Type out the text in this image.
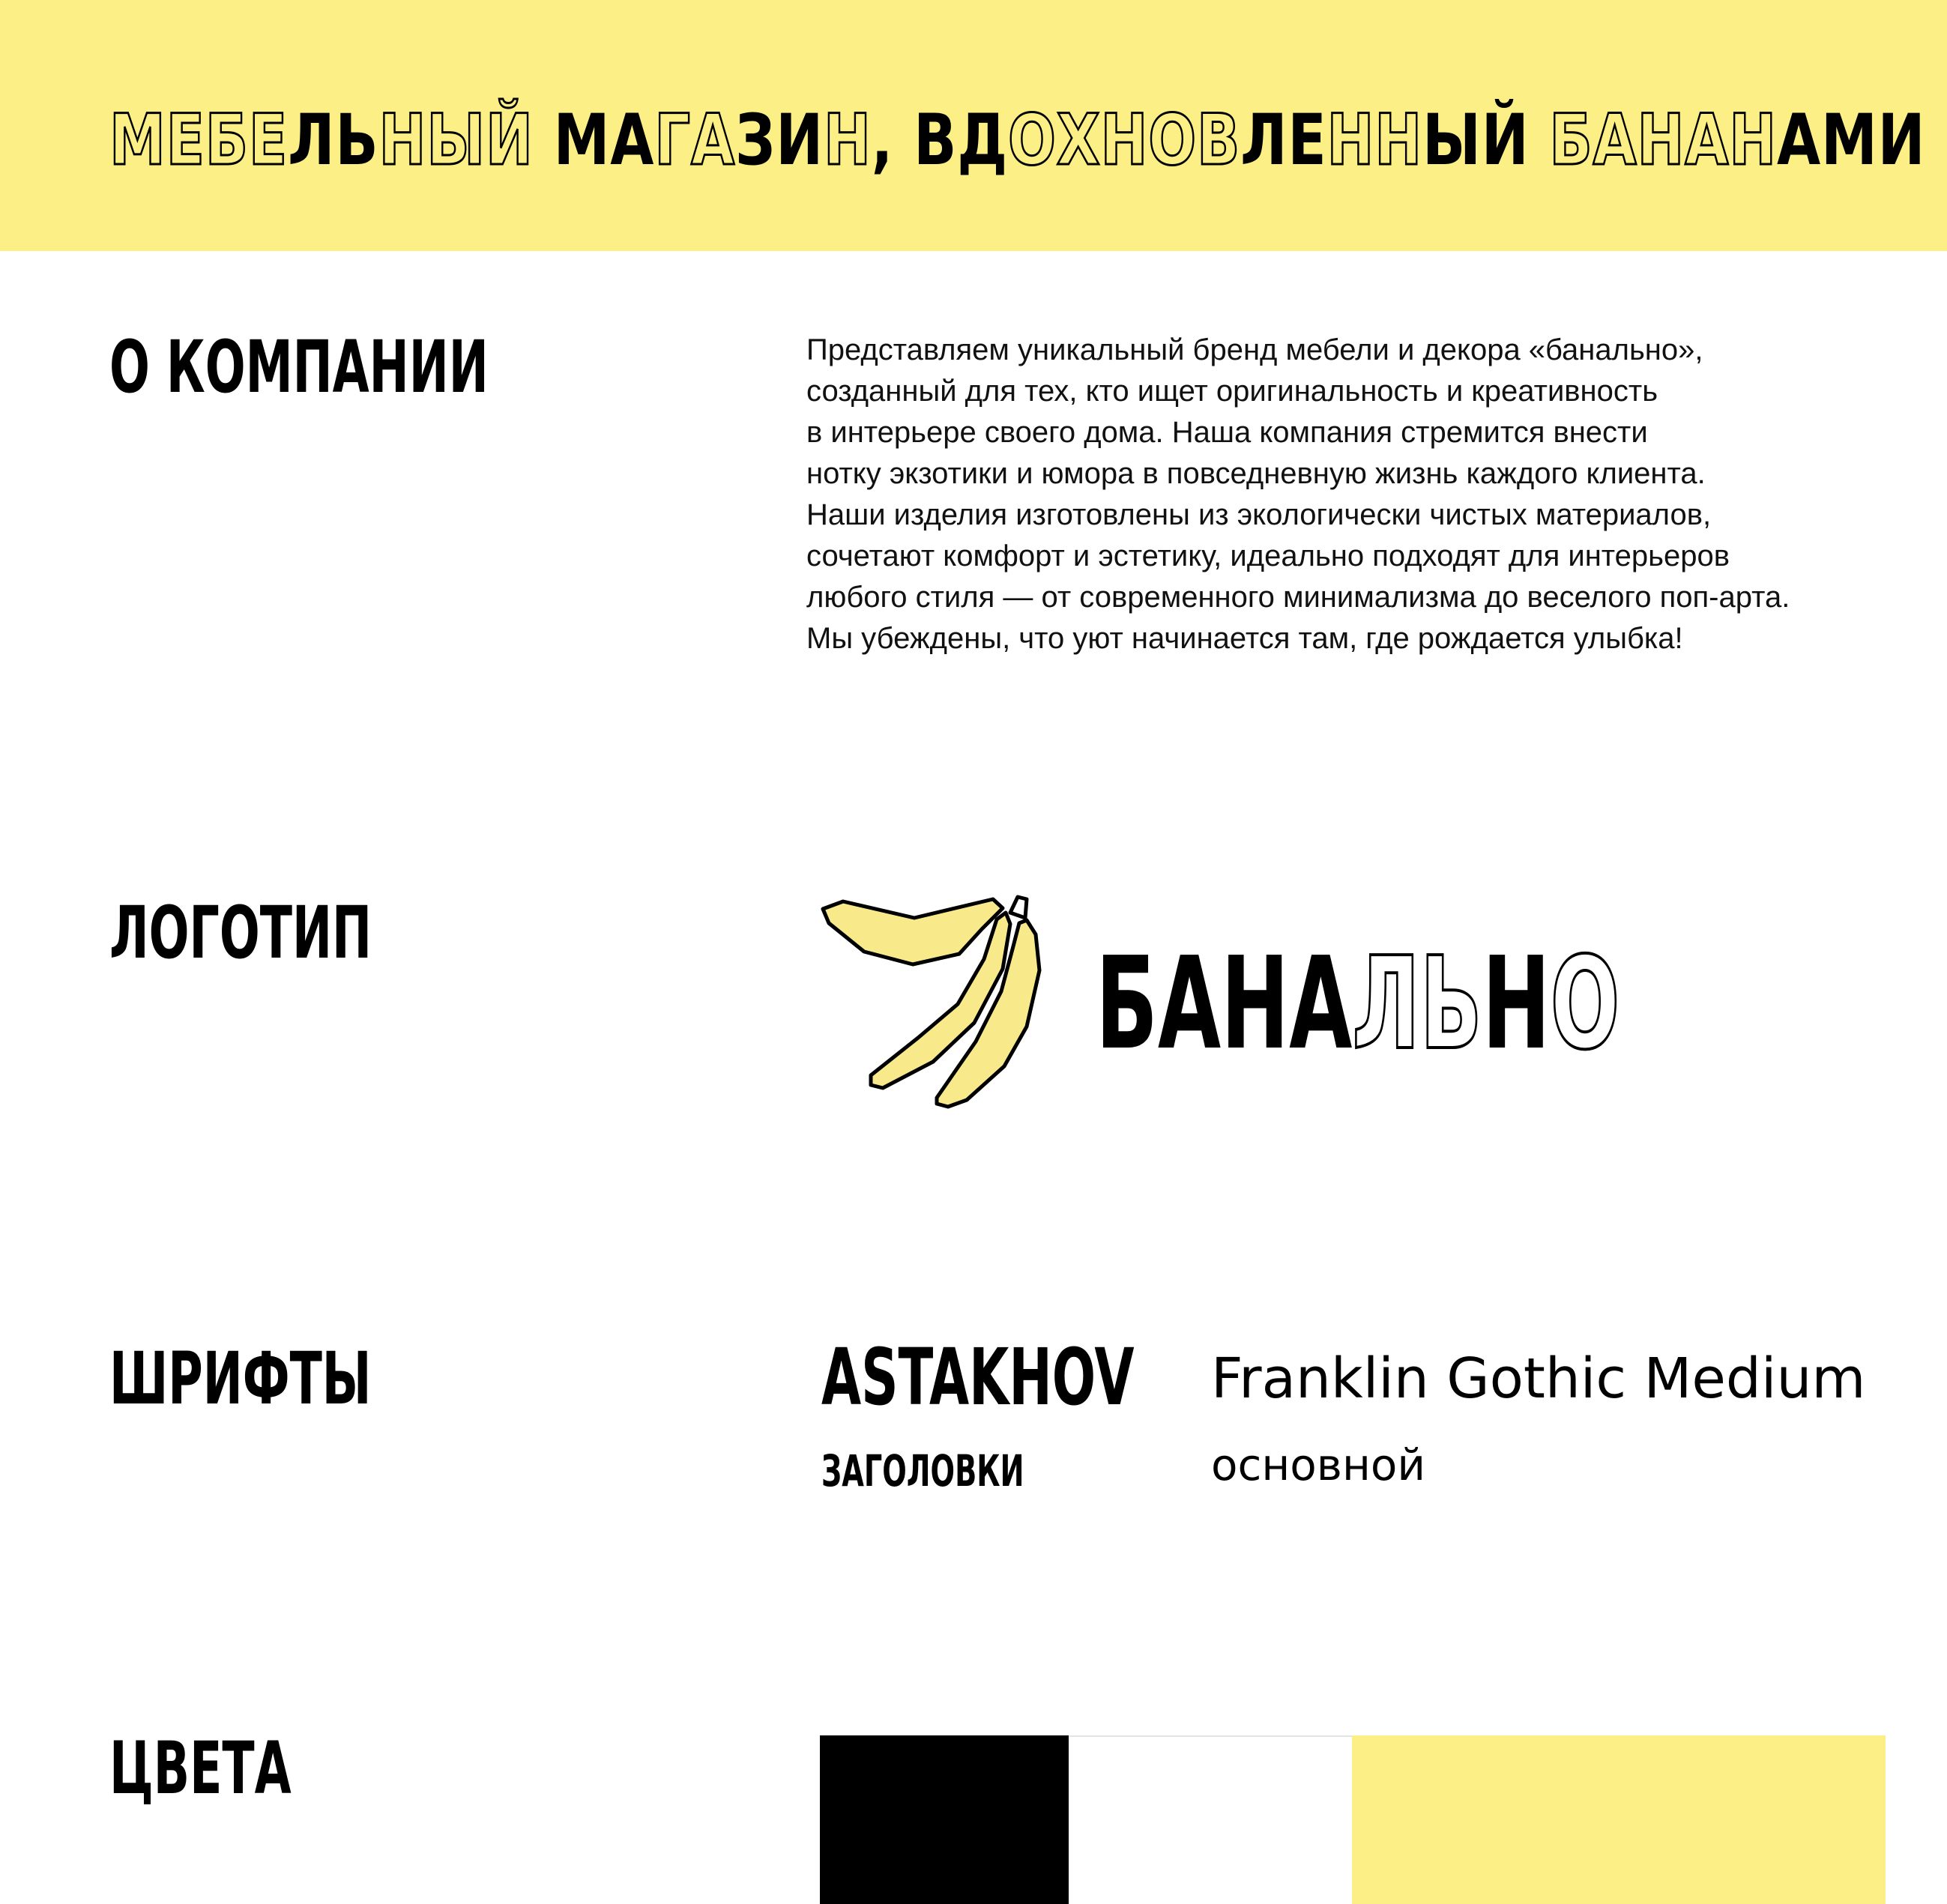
МЕБЕЛЬНЫЙ МАГАЗИН, ВДОХНОВЛЕННЫЙ БАНАНАМИ
О КОМПАНИИ	Представляем уникальный бренд мебели и декора «банально»,
созданный для тех, кто ищет оригинальность и креативность
в интерьере своего дома. Наша компания стремится внести
нотку экзотики и юмора в повседневную жизнь каждого клиента.
Наши изделия изготовлены из экологически чистых материалов,
сочетают комфорт и эстетику, идеально подходят для интерьеров
любого стиля — от современного минимализма до веселого поп-арта.
Мы убеждены, что уют начинается там, где рождается улыбка!
ЛОГОТИП	БАНАЛЬНО
ШРИФТЫ	ASTAKHOV

ЗАГОЛОВКИ

Franklin Gothic Medium

основной

ЦВЕТА
